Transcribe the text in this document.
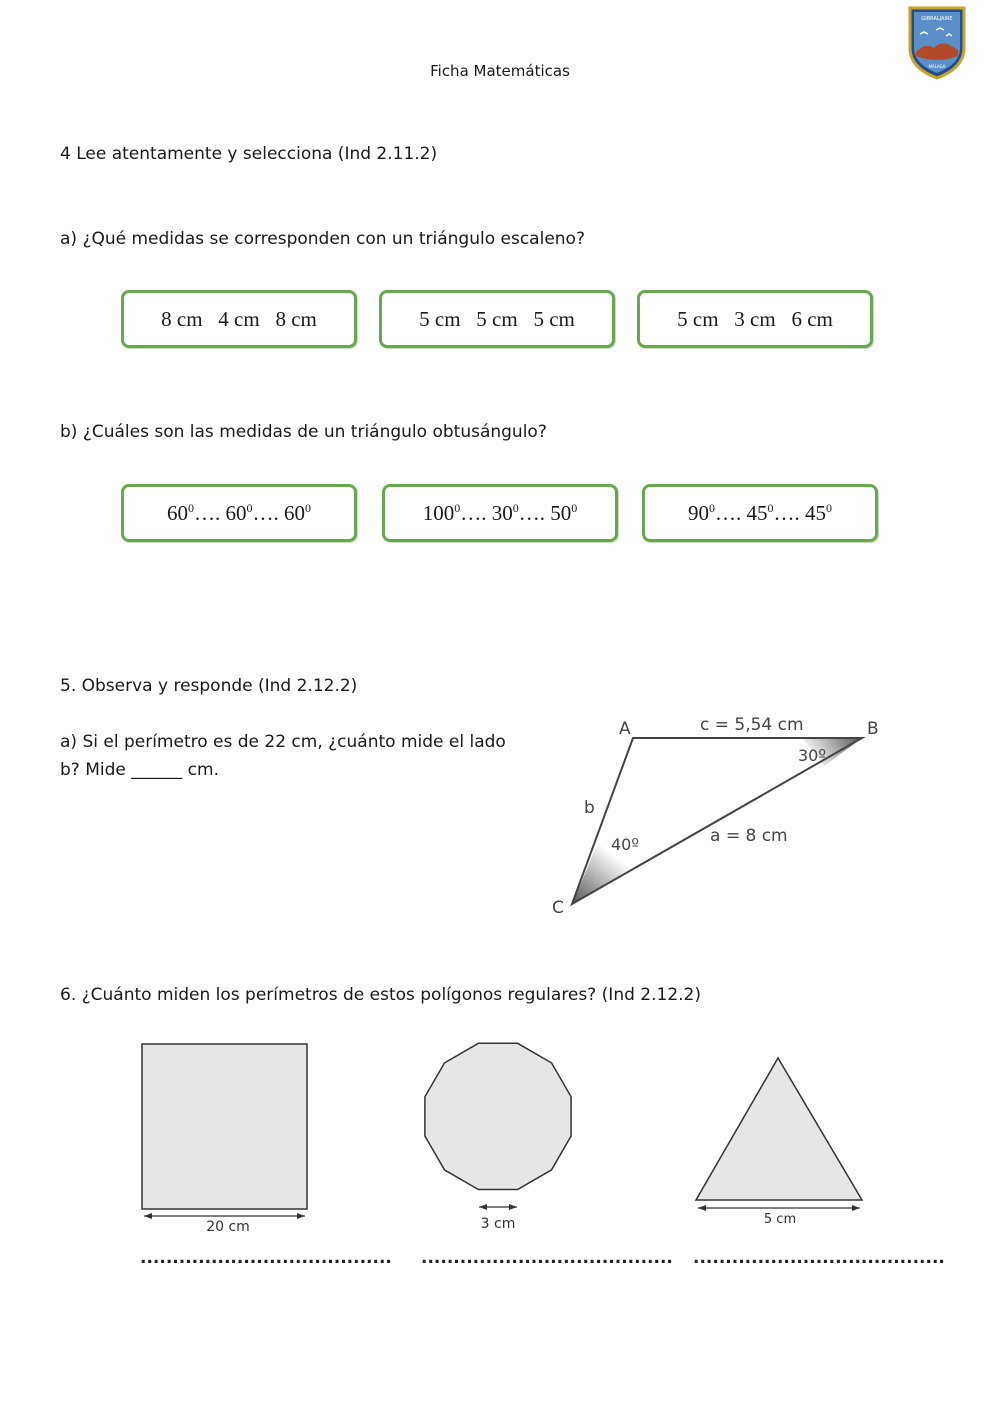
Ficha Matemáticas
GIBRALJAIRE
MÁLAGA
4 Lee atentamente y selecciona (Ind 2.11.2)
a) ¿Qué medidas se corresponden con un triángulo escaleno?
8 cm   4 cm   8 cm	5 cm   5 cm   5 cm	5 cm   3 cm   6 cm
b) ¿Cuáles son las medidas de un triángulo obtusángulo?
$60^0\dots$. $60^0\dots$. $60^0$	$100^0\dots$. $30^0\dots$. $50^0$	$90^0\dots$. $45^0\dots$. $45^0$
5. Observa y responde (Ind 2.12.2)
a) Si el perímetro es de 22 cm, ¿cuánto mide el lado b? Mide ______ cm.
A	B
C
c = 5,54 cm
a = 8 cm
b
30º
40º
6. ¿Cuánto miden los perímetros de estos polígonos regulares? (Ind 2.12.2)
20 cm	3 cm	5 cm
....................................... ....................................... .......................................
